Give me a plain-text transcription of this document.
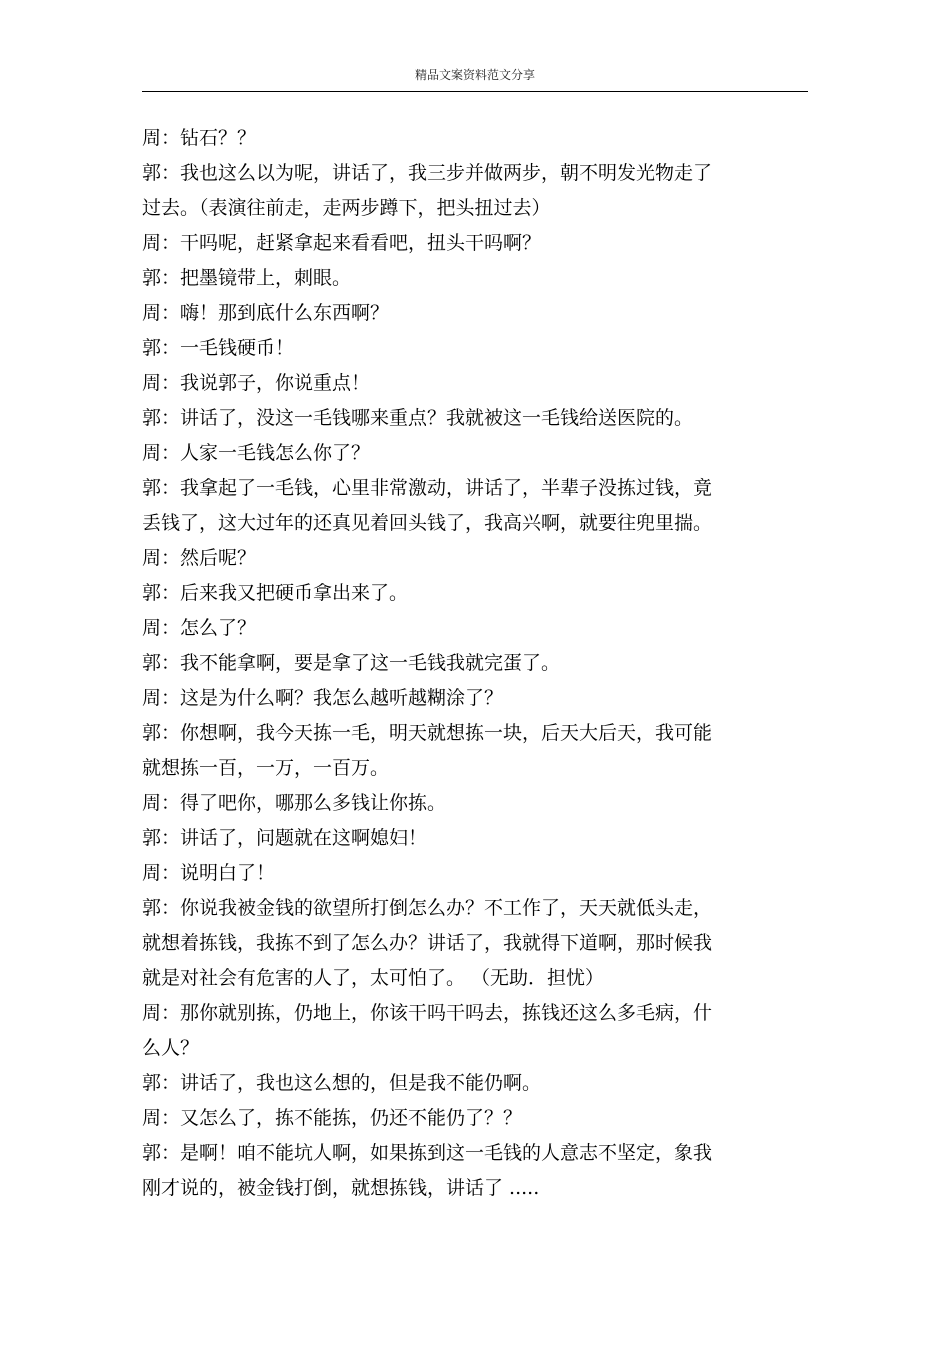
精品文案资料范文分享
周：钻石？？
郭：我也这么以为呢，讲话了，我三步并做两步，朝不明发光物走了
过去。（表演往前走，走两步蹲下，把头扭过去）
周：干吗呢，赶紧拿起来看看吧，扭头干吗啊？
郭：把墨镜带上，刺眼。
周：嗨！那到底什么东西啊？
郭：一毛钱硬币！
周：我说郭子，你说重点！
郭：讲话了，没这一毛钱哪来重点？我就被这一毛钱给送医院的。
周：人家一毛钱怎么你了？
郭：我拿起了一毛钱，心里非常激动，讲话了，半辈子没拣过钱，竟
丢钱了，这大过年的还真见着回头钱了，我高兴啊，就要往兜里揣。
周：然后呢？
郭：后来我又把硬币拿出来了。
周：怎么了？
郭：我不能拿啊，要是拿了这一毛钱我就完蛋了。
周：这是为什么啊？我怎么越听越糊涂了？
郭：你想啊，我今天拣一毛，明天就想拣一块，后天大后天，我可能
就想拣一百，一万，一百万。
周：得了吧你，哪那么多钱让你拣。
郭：讲话了，问题就在这啊媳妇！
周：说明白了！
郭：你说我被金钱的欲望所打倒怎么办？不工作了，天天就低头走，
就想着拣钱，我拣不到了怎么办？讲话了，我就得下道啊，那时候我
就是对社会有危害的人了，太可怕了。 （无助．担忧）
周：那你就别拣，仍地上，你该干吗干吗去，拣钱还这么多毛病，什
么人？
郭：讲话了，我也这么想的，但是我不能仍啊。
周：又怎么了，拣不能拣，仍还不能仍了？？
郭：是啊！咱不能坑人啊，如果拣到这一毛钱的人意志不坚定，象我
刚才说的，被金钱打倒，就想拣钱，讲话了 .....
